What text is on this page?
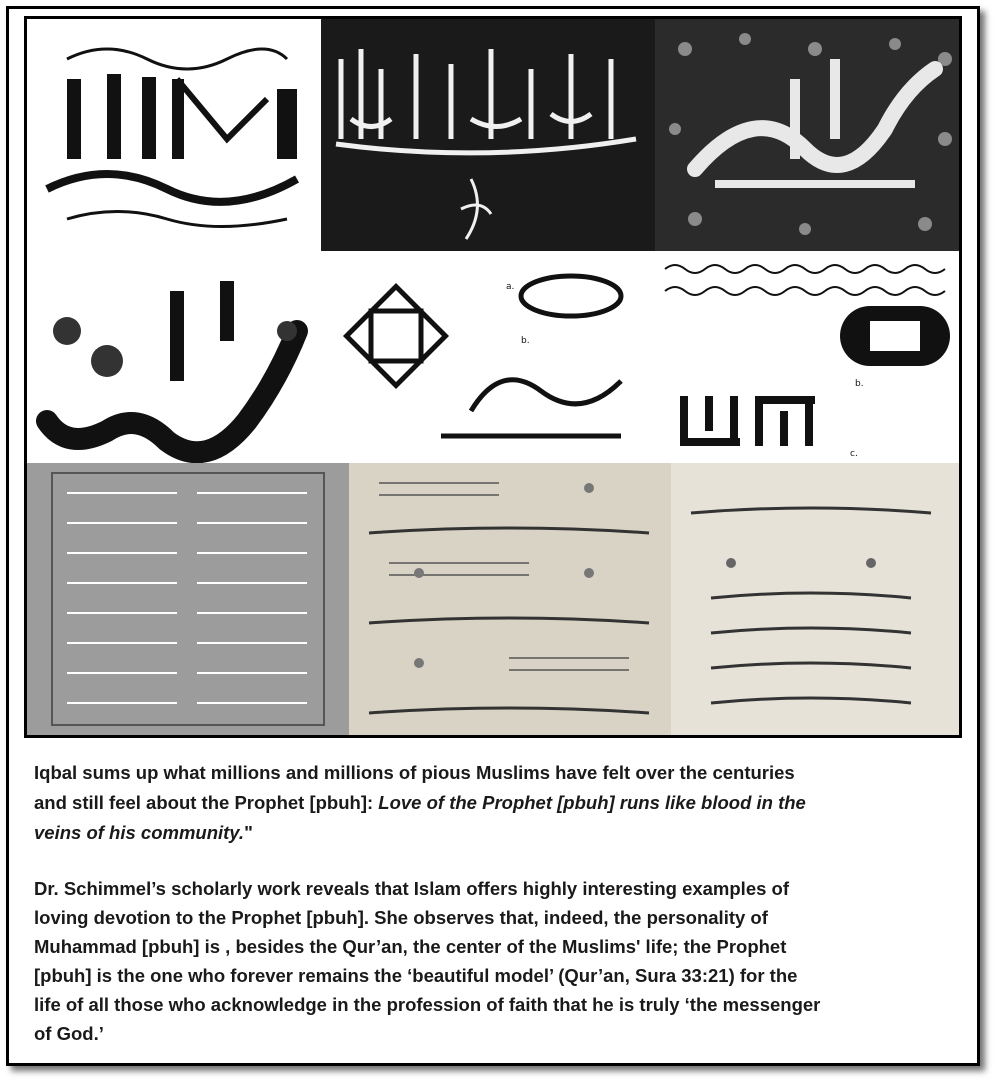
a.
b.
b.
c.
Iqbal sums up what millions and millions of pious Muslims have felt over the centuries
and still feel about the Prophet [pbuh]: Love of the Prophet [pbuh] runs like blood in the
veins of his community."
Dr. Schimmel’s scholarly work reveals that Islam offers highly interesting examples of
loving devotion to the Prophet [pbuh]. She observes that, indeed, the personality of
Muhammad [pbuh] is , besides the Qur’an, the center of the Muslims' life; the Prophet
[pbuh] is the one who forever remains the ‘beautiful model’ (Qur’an, Sura 33:21) for the
life of all those who acknowledge in the profession of faith that he is truly ‘the messenger
of God.’
